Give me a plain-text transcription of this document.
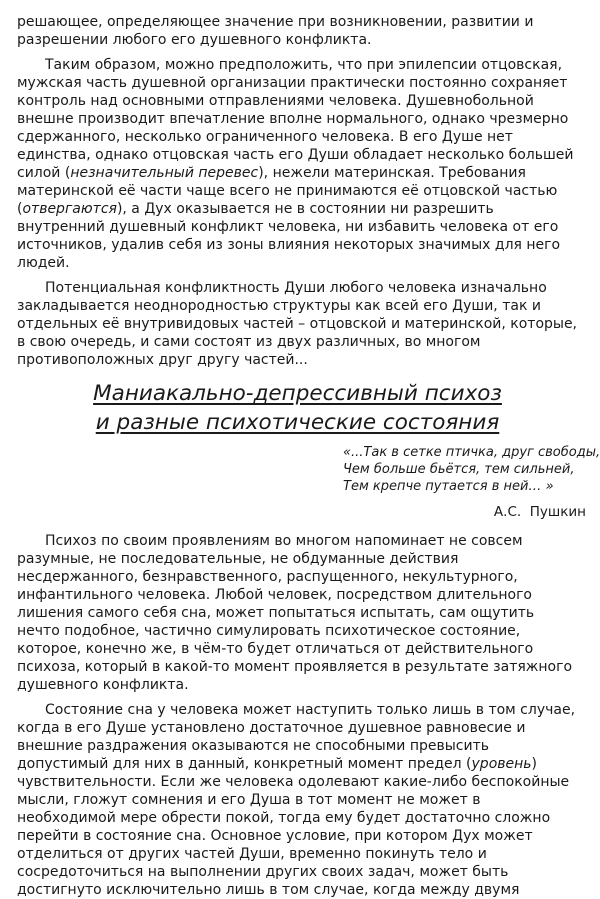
решающее, определяющее значение при возникновении, развитии и разрешении любого его душевного конфликта.

Таким образом, можно предположить, что при эпилепсии отцовская, мужская часть душевной организации практически постоянно сохраняет контроль над основными отправлениями человека. Душевнобольной внешне производит впечатление вполне нормального, однако чрезмерно сдержанного, несколько ограниченного человека. В его Душе нет единства, однако отцовская часть его Души обладает несколько большей силой (незначительный перевес), нежели материнская. Требования материнской её части чаще всего не принимаются её отцовской частью (отвергаются), а Дух оказывается не в состоянии ни разрешить внутренний душевный конфликт человека, ни избавить человека от его источников, удалив себя из зоны влияния некоторых значимых для него людей.

Потенциальная конфликтность Души любого человека изначально закладывается неоднородностью структуры как всей его Души, так и отдельных её внутривидовых частей – отцовской и материнской, которые, в свою очередь, и сами состоят из двух различных, во многом противоположных друг другу частей...

Маниакально-депрессивный психоз
и разные психотические состояния
«...Так в сетке птичка, друг свободы,
Чем больше бьётся, тем сильней,
Тем крепче путается в ней… »
А.С.  Пушкин

Психоз по своим проявлениям во многом напоминает не совсем разумные, не последовательные, не обдуманные действия несдержанного, безнравственного, распущенного, некультурного, инфантильного человека. Любой человек, посредством длительного лишения самого себя сна, может попытаться испытать, сам ощутить нечто подобное, частично симулировать психотическое состояние, которое, конечно же, в чём-то будет отличаться от действительного психоза, который в какой-то момент проявляется в результате затяжного душевного конфликта.

Состояние сна у человека может наступить только лишь в том случае, когда в его Душе установлено достаточное душевное равновесие и внешние раздражения оказываются не способными превысить допустимый для них в данный, конкретный момент предел (уровень) чувствительности. Если же человека одолевают какие-либо беспокойные мысли, гложут сомнения и его Душа в тот момент не может в необходимой мере обрести покой, тогда ему будет достаточно сложно перейти в состояние сна. Основное условие, при котором Дух может отделиться от других частей Души, временно покинуть тело и сосредоточиться на выполнении других своих задач, может быть достигнуто исключительно лишь в том случае, когда между двумя
